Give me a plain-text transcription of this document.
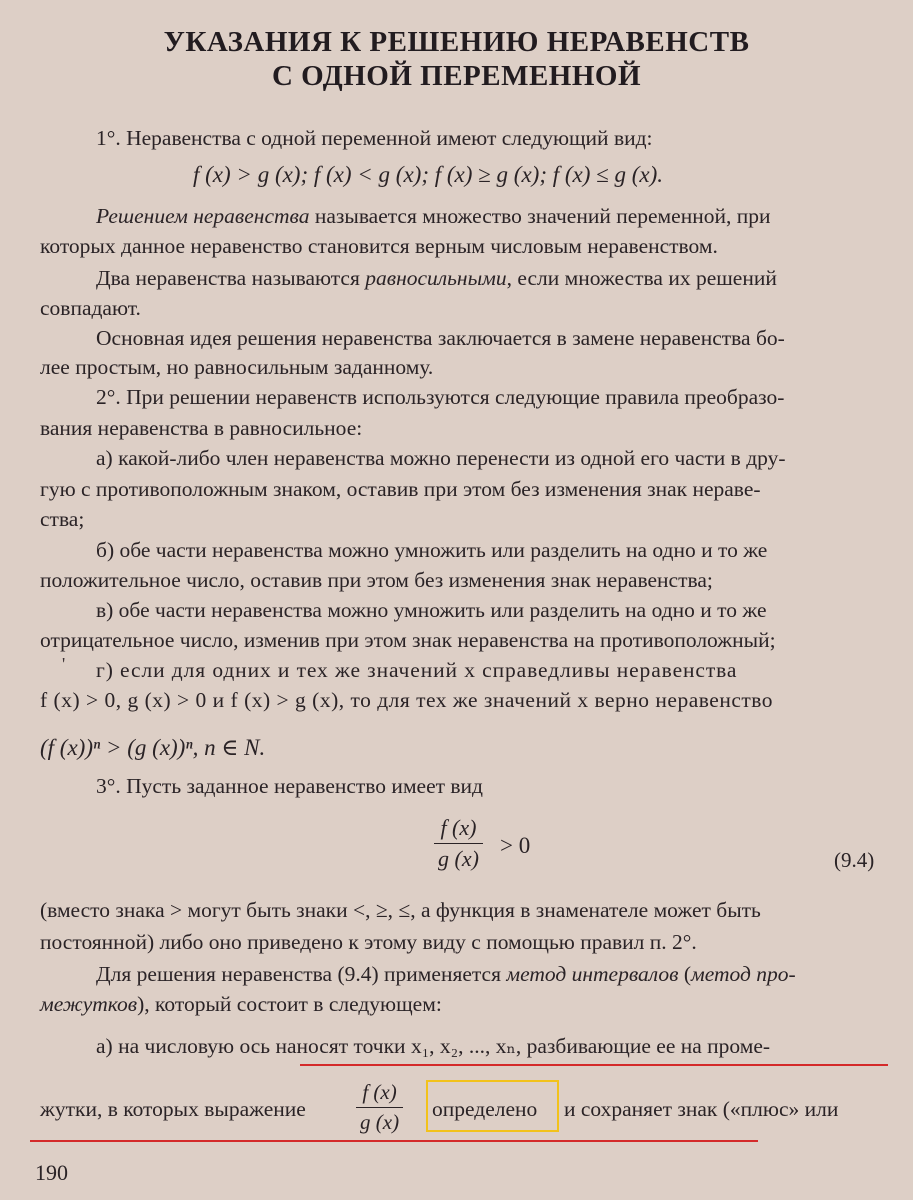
УКАЗАНИЯ К РЕШЕНИЮ НЕРАВЕНСТВ
С ОДНОЙ ПЕРЕМЕННОЙ
1°. Неравенства с одной переменной имеют следующий вид:
f (x) > g (x); f (x) < g (x); f (x) ≥ g (x); f (x) ≤ g (x).
Решением неравенства называется множество значений переменной, при
которых данное неравенство становится верным числовым неравенством.
Два неравенства называются равносильными, если множества их решений
совпадают.
Основная идея решения неравенства заключается в замене неравенства бо-
лее простым, но равносильным заданному.
2°. При решении неравенств используются следующие правила преобразо-
вания неравенства в равносильное:
а) какой-либо член неравенства можно перенести из одной его части в дру-
гую с противоположным знаком, оставив при этом без изменения знак нераве-
ства;
б) обе части неравенства можно умножить или разделить на одно и то же
положительное число, оставив при этом без изменения знак неравенства;
в) обе части неравенства можно умножить или разделить на одно и то же
отрицательное число, изменив при этом знак неравенства на противоположный;
' г) если для одних и тех же значений x справедливы неравенства
f (x) > 0, g (x) > 0 и f (x) > g (x), то для тех же значений x верно неравенство
(f (x))ⁿ > (g (x))ⁿ, n ∈ N.
3°. Пусть заданное неравенство имеет вид
f (x)
g (x)
> 0
(9.4)
(вместо знака > могут быть знаки <, ≥, ≤, а функция в знаменателе может быть
постоянной) либо оно приведено к этому виду с помощью правил п. 2°.
Для решения неравенства (9.4) применяется метод интервалов (метод про-
межутков), который состоит в следующем:
а) на числовую ось наносят точки x₁, x₂, ..., xₙ, разбивающие ее на проме-
жутки, в которых выражение
f (x)
g (x)
определено и сохраняет знак («плюс» или
190
